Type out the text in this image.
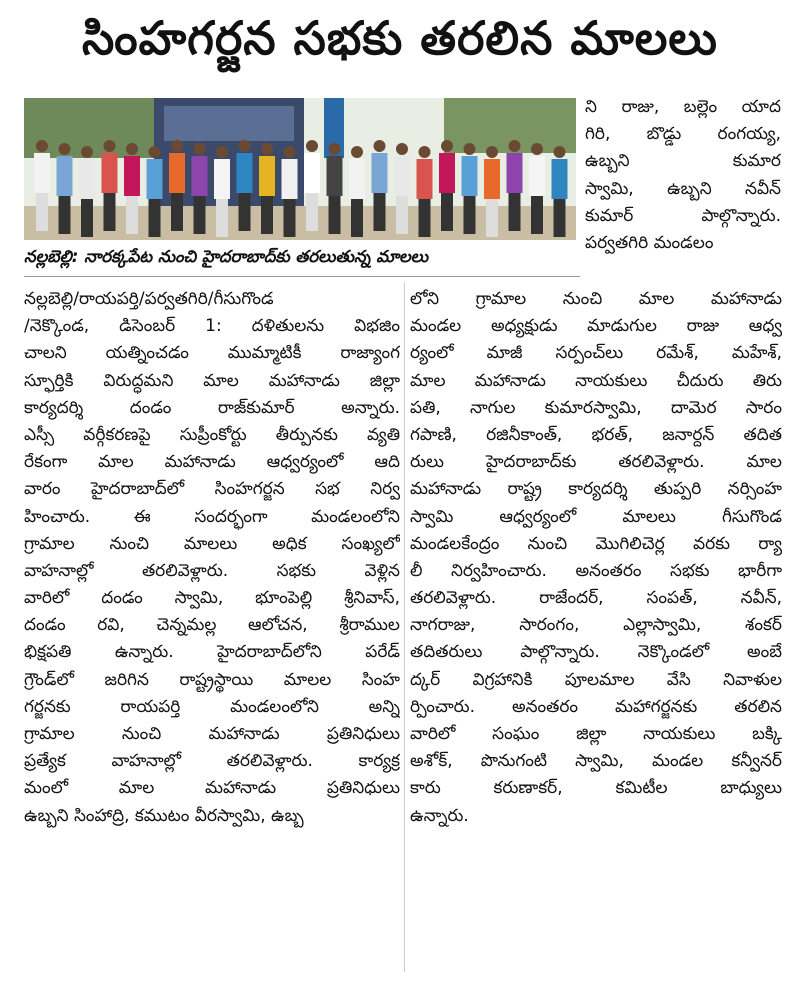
సింహగర్జన సభకు తరలిన మాలలు
నల్లబెల్లి: నారక్కపేట నుంచి హైదరాబాద్‌కు తరలుతున్న మాలలు
ని రాజు, బల్లెం యాద
గిరి, బొడ్డు రంగయ్య,
ఉబ్బని కుమార
స్వామి, ఉబ్బని నవీన్
కుమార్ పాల్గొన్నారు.
పర్వతగిరి మండలం
నల్లబెల్లి/రాయపర్తి/పర్వతగిరి/గీసుగొండ
/నెక్కొండ, డిసెంబర్ 1: దళితులను విభజిం
చాలని యత్నించడం ముమ్మాటికీ రాజ్యాంగ
స్ఫూర్తికి విరుద్ధమని మాల మహానాడు జిల్లా
కార్యదర్శి దండం రాజ్‌కుమార్ అన్నారు.
ఎస్సీ వర్గీకరణపై సుప్రీంకోర్టు తీర్పునకు వ్యతి
రేకంగా మాల మహానాడు ఆధ్వర్యంలో ఆది
వారం హైదరాబాద్‌లో సింహగర్జన సభ నిర్వ
హించారు. ఈ సందర్భంగా మండలంలోని
గ్రామాల నుంచి మాలలు అధిక సంఖ్యలో
వాహనాల్లో తరలివెళ్లారు. సభకు వెళ్లిన
వారిలో దండం స్వామి, భూంపెల్లి శ్రీనివాస్,
దండం రవి, చెన్నమల్ల ఆలోచన, శ్రీరాముల
భిక్షపతి ఉన్నారు. హైదరాబాద్‌లోని పరేడ్
గ్రౌండ్‌లో జరిగిన రాష్ట్రస్థాయి మాలల సింహ
గర్జనకు రాయపర్తి మండలంలోని అన్ని
గ్రామాల నుంచి మహానాడు ప్రతినిధులు
ప్రత్యేక వాహనాల్లో తరలివెళ్లారు. కార్యక్ర
మంలో మాల మహానాడు ప్రతినిధులు
ఉబ్బని సింహాద్రి, కముటం వీరస్వామి, ఉబ్బ
లోని గ్రామాల నుంచి మాల మహానాడు
మండల అధ్యక్షుడు మాడుగుల రాజు ఆధ్వ
ర్యంలో మాజీ సర్పంచ్‌లు రమేశ్, మహేశ్,
మాల మహానాడు నాయకులు చీదురు తిరు
పతి, నాగుల కుమారస్వామి, దామెర సారం
గపాణి, రజినీకాంత్, భరత్, జనార్దన్ తదిత
రులు హైదరాబాద్‌కు తరలివెళ్లారు. మాల
మహానాడు రాష్ట్ర కార్యదర్శి తుప్పరి నర్సింహ
స్వామి ఆధ్వర్యంలో మాలలు గీసుగొండ
మండలకేంద్రం నుంచి మొగిలిచెర్ల వరకు ర్యా
లీ నిర్వహించారు. అనంతరం సభకు భారీగా
తరలివెళ్లారు. రాజేందర్, సంపత్, నవీన్,
నాగరాజు, సారంగం, ఎల్లాస్వామి, శంకర్
తదితరులు పాల్గొన్నారు. నెక్కొండలో అంబే
ద్కర్ విగ్రహానికి పూలమాల వేసి నివాళుల
ర్పించారు. అనంతరం మహాగర్జనకు తరలిన
వారిలో సంఘం జిల్లా నాయకులు బక్కి
అశోక్, పొనుగంటి స్వామి, మండల కన్వీనర్
కారు కరుణాకర్, కమిటీల బాధ్యులు
ఉన్నారు.
